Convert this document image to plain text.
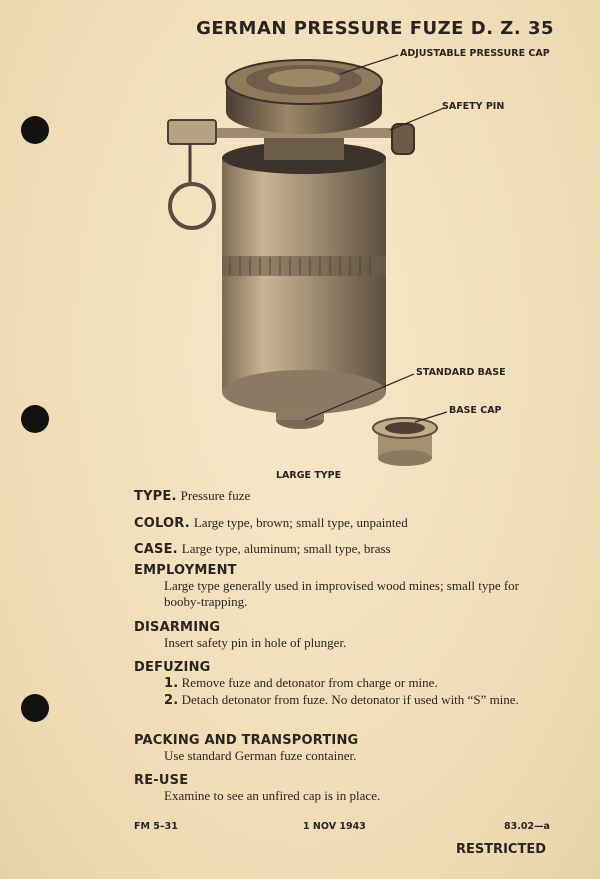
GERMAN PRESSURE FUZE D. Z. 35
ADJUSTABLE PRESSURE CAP
SAFETY PIN
STANDARD BASE
BASE CAP
LARGE TYPE
TYPE. Pressure fuze
COLOR. Large type, brown; small type, unpainted
CASE. Large type, aluminum; small type, brass
EMPLOYMENT
Large type generally used in improvised wood mines; small type for booby-trapping.
DISARMING
Insert safety pin in hole of plunger.
DEFUZING
1. Remove fuze and detonator from charge or mine.
2. Detach detonator from fuze. No detonator if used with “S” mine.
PACKING AND TRANSPORTING
Use standard German fuze container.
RE-USE
Examine to see an unfired cap is in place.
FM 5–31	1 NOV 1943	83.02—a
RESTRICTED
